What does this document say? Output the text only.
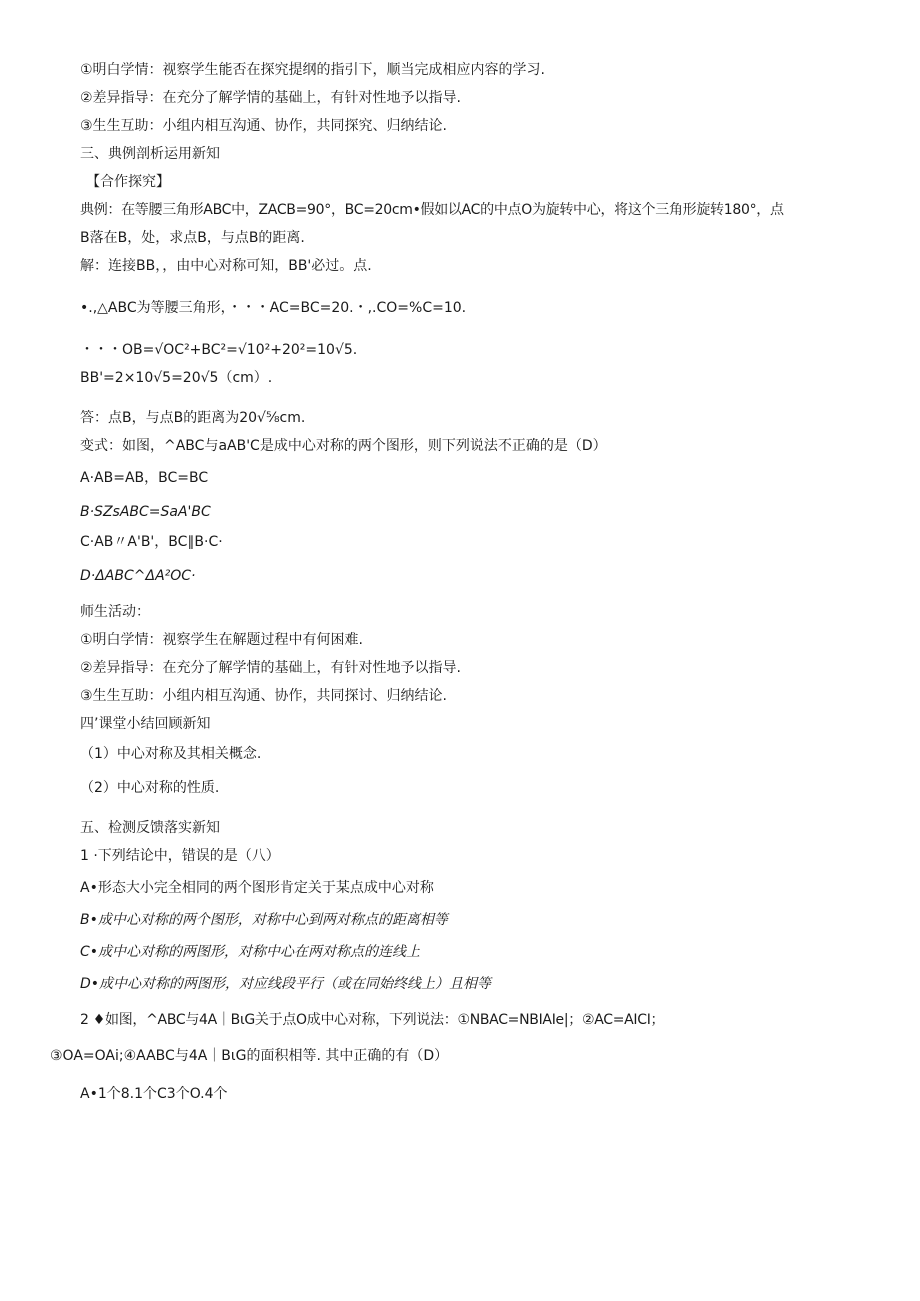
①明白学情：视察学生能否在探究提纲的指引下，顺当完成相应内容的学习.
②差异指导：在充分了解学情的基础上，有针对性地予以指导.
③生生互助：小组内相互沟通、协作，共同探究、归纳结论.
三、典例剖析运用新知
【合作探究】
典例：在等腰三角形ABC中，ZACB=90°，BC=20cm•假如以AC的中点O为旋转中心，将这个三角形旋转180°，点
B落在B，处，求点B，与点B的距离.
解：连接BB，，由中心对称可知，BB'必过。点.
•.,△ABC为等腰三角形，・・・AC=BC=20.・,.CO=%C=10.
・・・OB=√OC²+BC²=√10²+20²=10√5.
BB'=2×10√5=20√5（cm）.
答：点B，与点B的距离为20√⅝cm.
变式：如图，^ABC与aAB'C是成中心对称的两个图形，则下列说法不正确的是（D）
A·AB=AB，BC=BC
B·SZsABC=SaA'BC
C·AB〃A'B'，BC∥B·C·
D·ΔABC^ΔA²OC·
师生活动：
①明白学情：视察学生在解题过程中有何困难.
②差异指导：在充分了解学情的基础上，有针对性地予以指导.
③生生互助：小组内相互沟通、协作，共同探讨、归纳结论.
四’课堂小结回顾新知
（1）中心对称及其相关概念.
（2）中心对称的性质.
五、检测反馈落实新知
1 ·下列结论中，错误的是（八）
A•形态大小完全相同的两个图形肯定关于某点成中心对称
B•成中心对称的两个图形，对称中心到两对称点的距离相等
C•成中心对称的两图形，对称中心在两对称点的连线上
D•成中心对称的两图形，对应线段平行（或在同始终线上）且相等
2 ♦如图，^ABC与4A｜BιG关于点O成中心对称，下列说法：①NBAC=NBIAIe|；②AC=AICI；
③OA=OAi;④AABC与4A｜BιG的面积相等. 其中正确的有（D）
A•1个8.1个C3个O.4个
